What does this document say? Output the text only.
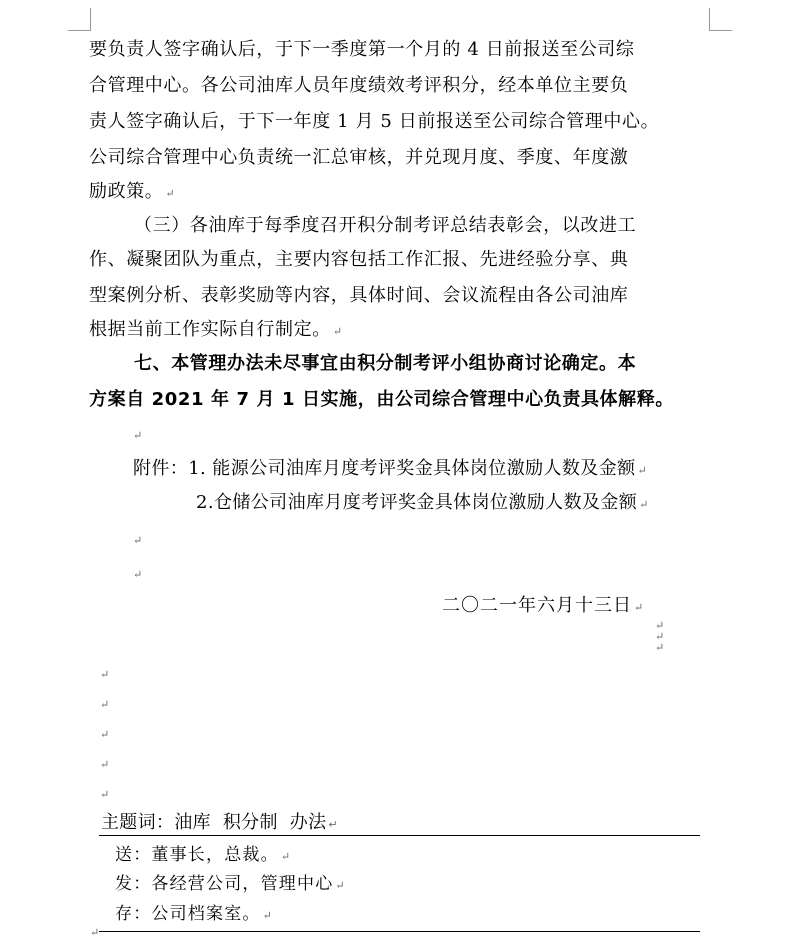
要负责人签字确认后，于下一季度第一个月的 4 日前报送至公司综
合管理中心。各公司油库人员年度绩效考评积分，经本单位主要负
责人签字确认后，于下一年度 1 月 5 日前报送至公司综合管理中心。
公司综合管理中心负责统一汇总审核，并兑现月度、季度、年度激
励政策。 ↵
（三）各油库于每季度召开积分制考评总结表彰会，以改进工
作、凝聚团队为重点，主要内容包括工作汇报、先进经验分享、典
型案例分析、表彰奖励等内容，具体时间、会议流程由各公司油库
根据当前工作实际自行制定。 ↵
七、本管理办法未尽事宜由积分制考评小组协商讨论确定。本
方案自 2021 年 7 月 1 日实施，由公司综合管理中心负责具体解释。
↵
附件：1. 能源公司油库月度考评奖金具体岗位激励人数及金额 ↵
2.仓储公司油库月度考评奖金具体岗位激励人数及金额 ↵
↵
↵
二〇二一年六月十三日 ↵
↵
↵
↵
↵
↵
↵
↵
↵
主题词：油库  积分制  办法 ↵
送：董事长，总裁。 ↵
发：各经营公司，管理中心 ↵
存：公司档案室。 ↵
↵
